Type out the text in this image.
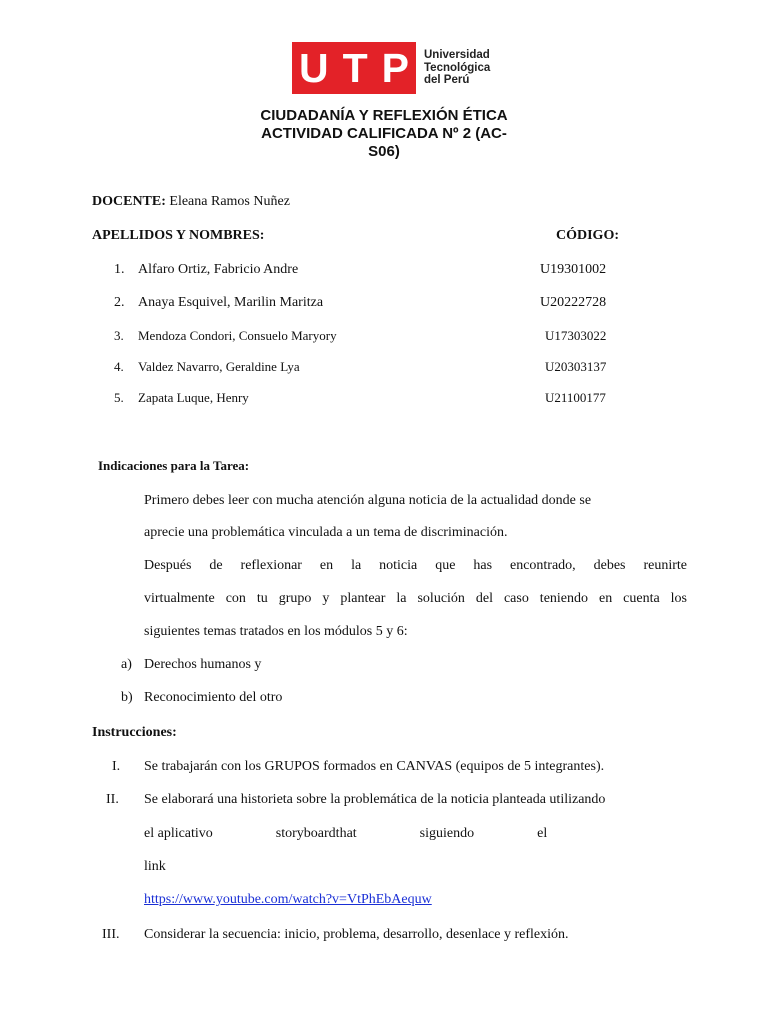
U T P Universidad
Tecnológica
del Perú
CIUDADANÍA Y REFLEXIÓN ÉTICA
ACTIVIDAD CALIFICADA Nº 2 (AC-
S06)
DOCENTE: Eleana Ramos Nuñez
APELLIDOS Y NOMBRES:	CÓDIGO:
1. Alfaro Ortiz, Fabricio Andre	U19301002
2. Anaya Esquivel, Marilin Maritza	U20222728
3. Mendoza Condori, Consuelo Maryory	U17303022
4. Valdez Navarro, Geraldine Lya	U20303137
5. Zapata Luque, Henry	U21100177
Indicaciones para la Tarea:
Primero debes leer con mucha atención alguna noticia de la actualidad donde se
aprecie una problemática vinculada a un tema de discriminación.
Después de reflexionar en la noticia que has encontrado, debes reunirte
virtualmente con tu grupo y plantear la solución del caso teniendo en cuenta los
siguientes temas tratados en los módulos 5 y 6:
a) Derechos humanos y
b) Reconocimiento del otro
Instrucciones:
I. Se trabajarán con los GRUPOS formados en CANVAS (equipos de 5 integrantes).
II. Se elaborará una historieta sobre la problemática de la noticia planteada utilizando
el aplicativo                  storyboardthat                  siguiendo                  el
link
https://www.youtube.com/watch?v=VtPhEbAequw
III. Considerar la secuencia: inicio, problema, desarrollo, desenlace y reflexión.
